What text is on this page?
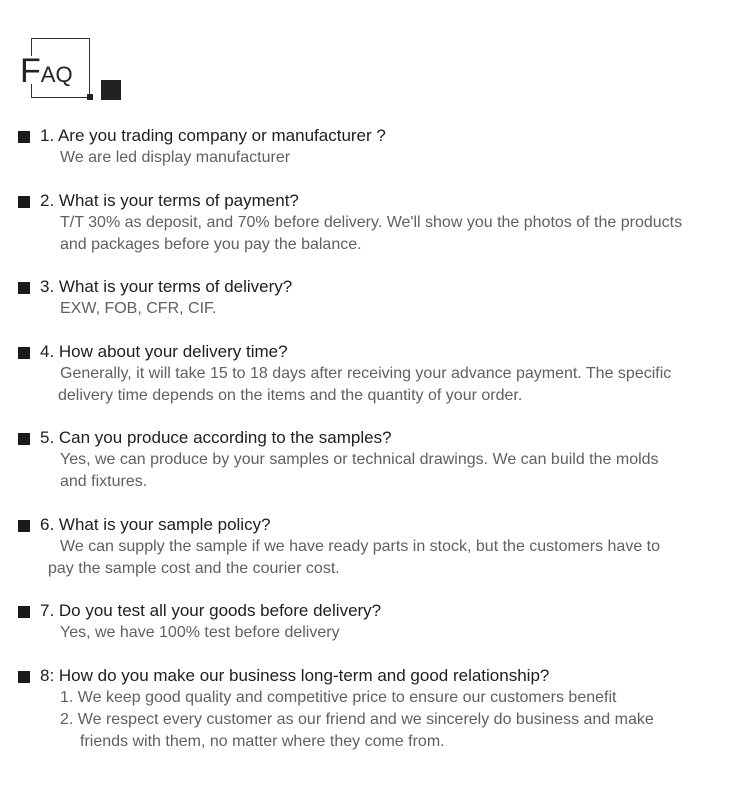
FAQ
1. Are you trading company or manufacturer ?
We are led display manufacturer
2. What is your terms of payment?
T/T 30% as deposit, and 70% before delivery. We'll show you the photos of the products
and packages before you pay the balance.
3. What is your terms of delivery?
EXW, FOB, CFR, CIF.
4. How about your delivery time?
Generally, it will take 15 to 18 days after receiving your advance payment. The specific
delivery time depends on the items and the quantity of your order.
5. Can you produce according to the samples?
Yes, we can produce by your samples or technical drawings. We can build the molds
and fixtures.
6. What is your sample policy?
We can supply the sample if we have ready parts in stock, but the customers have to
pay the sample cost and the courier cost.
7. Do you test all your goods before delivery?
Yes, we have 100% test before delivery
8: How do you make our business long-term and good relationship?
1. We keep good quality and competitive price to ensure our customers benefit
2. We respect every customer as our friend and we sincerely do business and make
friends with them, no matter where they come from.
